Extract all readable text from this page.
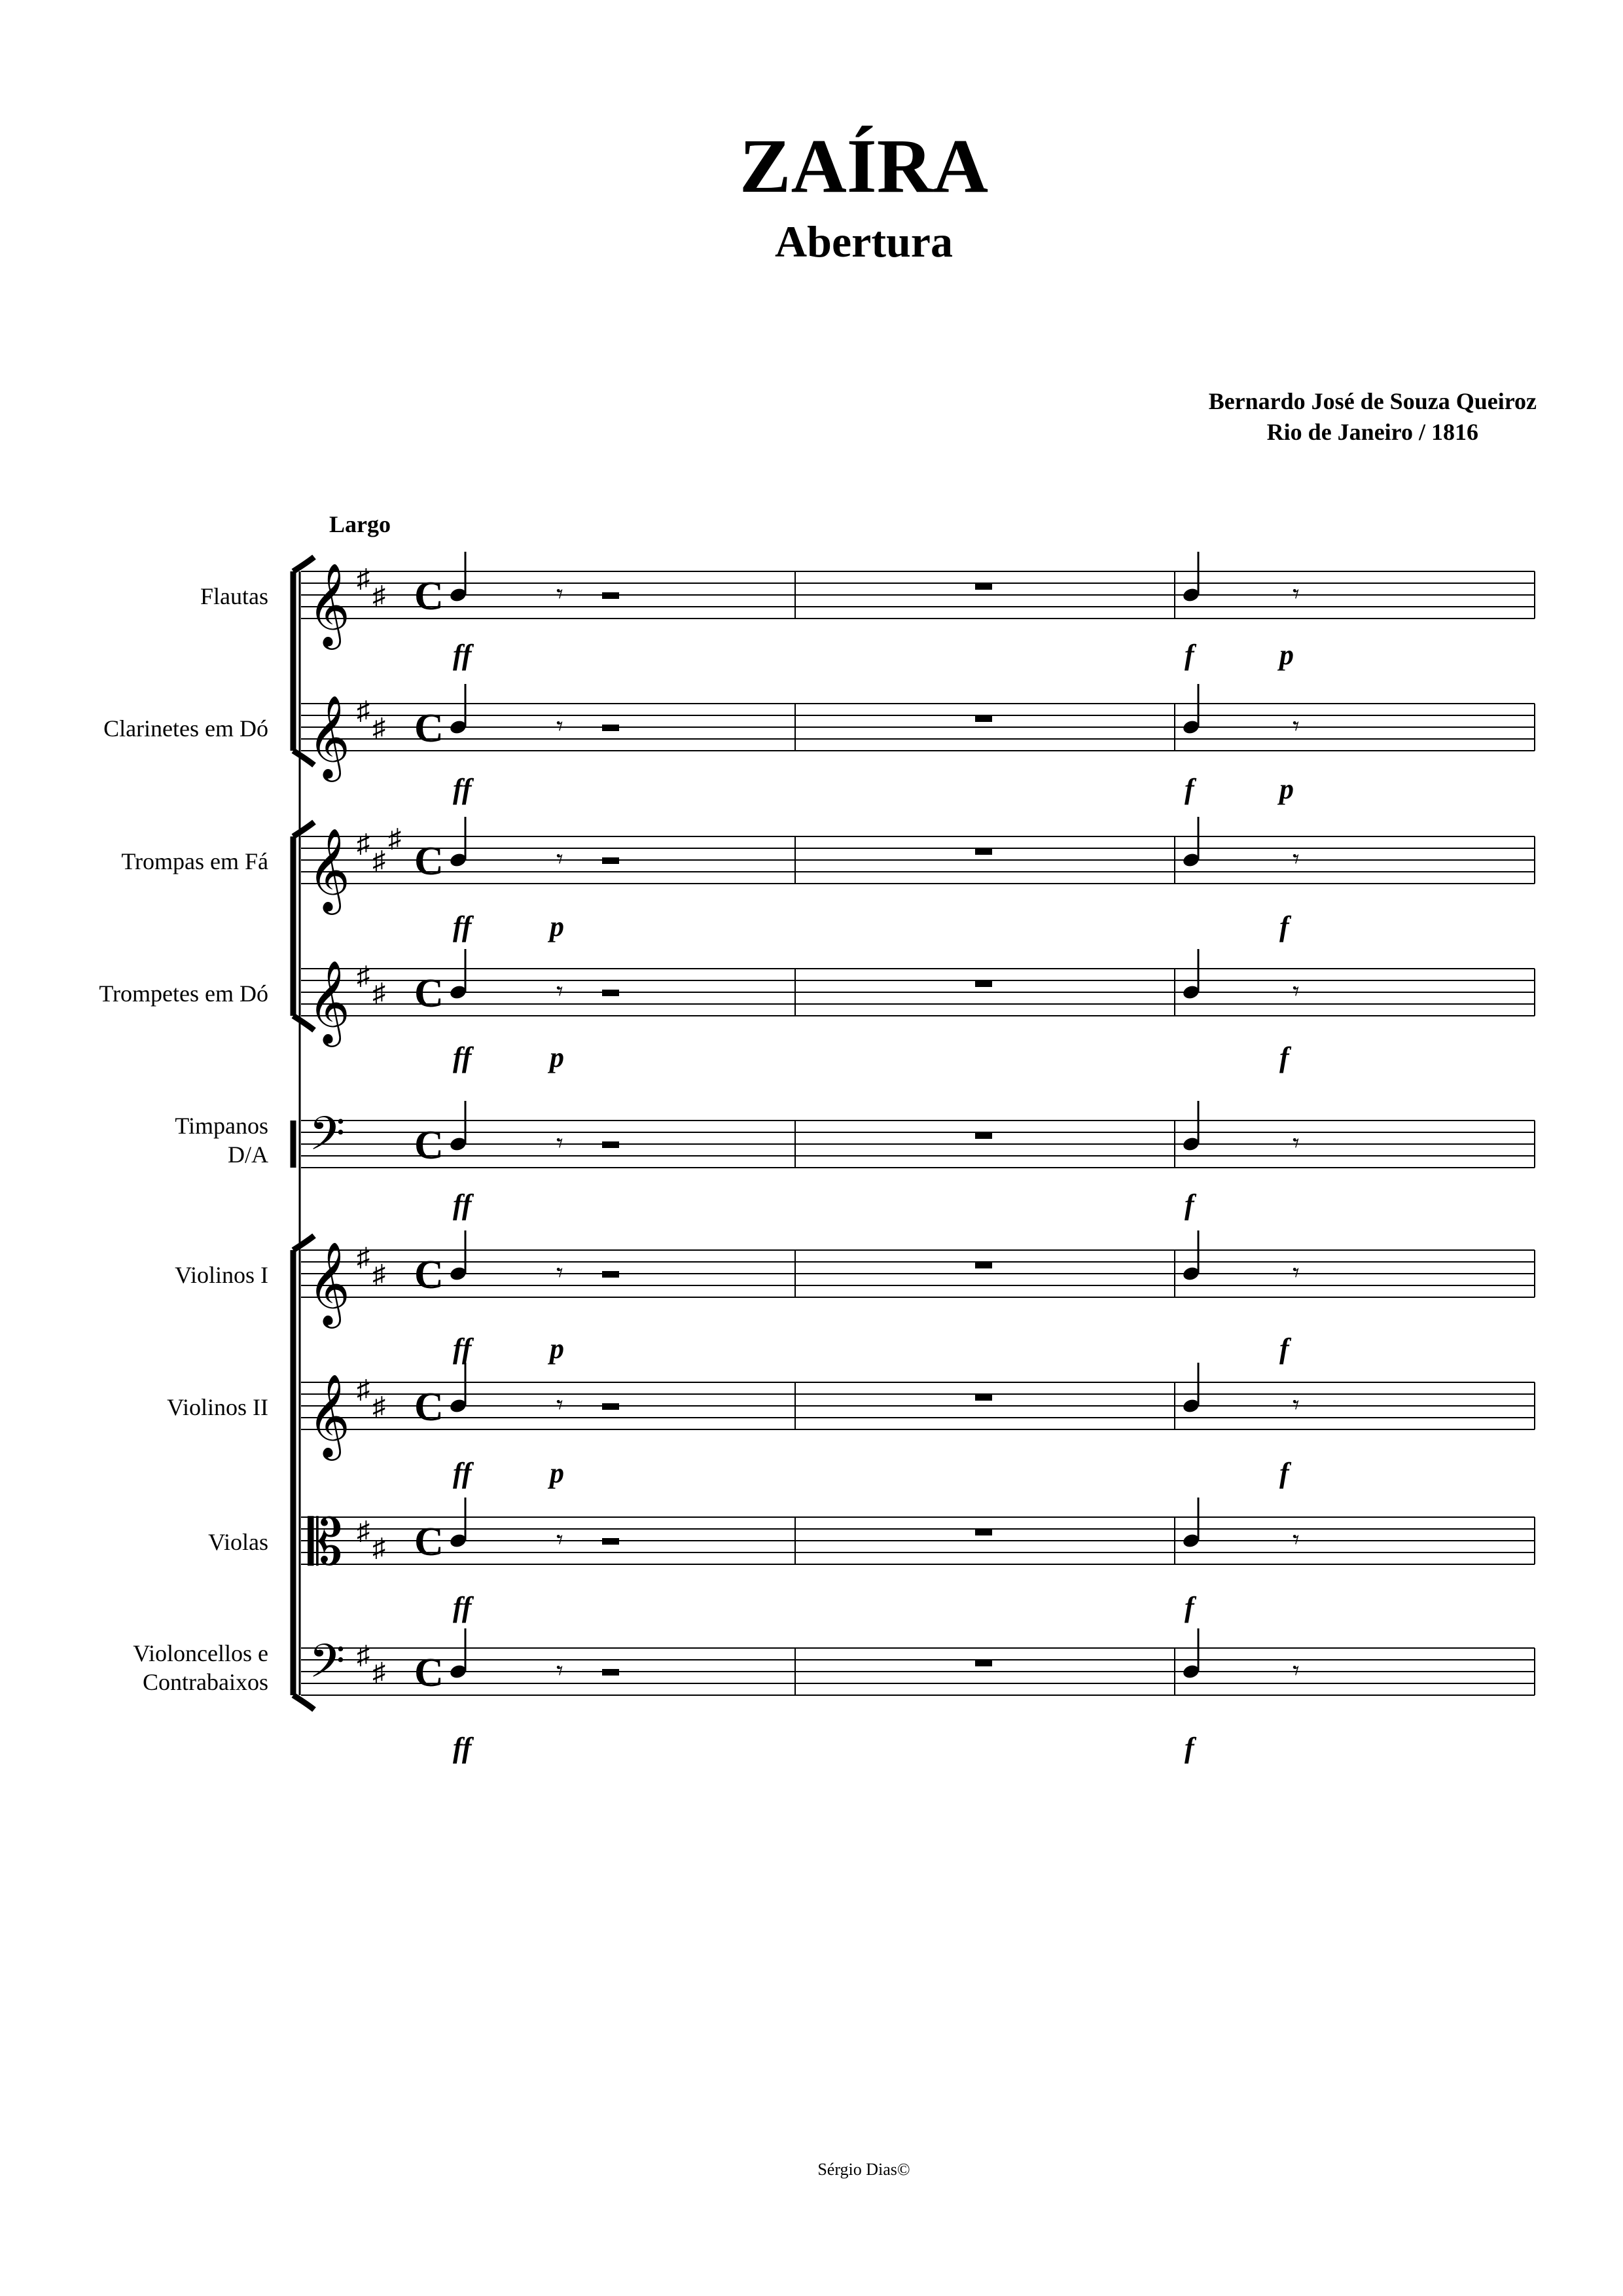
ZAÍRA
Abertura
Bernardo José de Souza Queiroz
Rio de Janeiro / 1816
Largo
Flautas 𝄞 ♯
♯ C	𝄾	𝄾
ff	f	p
Clarinetes em Dó 𝄞 ♯
♯ C	𝄾	𝄾
ff	f	p
Trompas em Fá 𝄞 ♯
♯
♯
C	𝄾	𝄾
ff	p	f
Trompetes em Dó 𝄞 ♯
♯ C	𝄾	𝄾
ff	p	f
Timpanos
D/A 𝄢 C	𝄾	𝄾
ff	f
Violinos I 𝄞 ♯
♯ C	𝄾	𝄾
ff	p	f
Violinos II 𝄞 ♯
♯ C	𝄾	𝄾
ff	p	f
Violas 𝄡 ♯
♯ C	𝄾	𝄾
ff	f
Violoncellos e
Contrabaixos 𝄢 ♯
♯ C	𝄾	𝄾
ff	f
Sérgio Dias©
